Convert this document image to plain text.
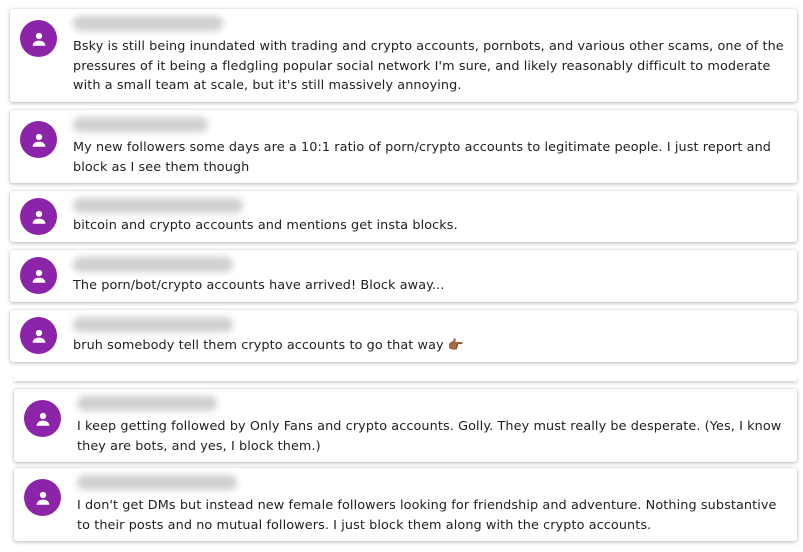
Bsky is still being inundated with trading and crypto accounts, pornbots, and various other scams, one of the pressures of it being a fledgling popular social network I'm sure, and likely reasonably difficult to moderate with a small team at scale, but it's still massively annoying.
My new followers some days are a 10:1 ratio of porn/crypto accounts to legitimate people. I just report and block as I see them though
bitcoin and crypto accounts and mentions get insta blocks.
The porn/bot/crypto accounts have arrived! Block away...
bruh somebody tell them crypto accounts to go that way 👉🏾
I keep getting followed by Only Fans and crypto accounts. Golly. They must really be desperate. (Yes, I know they are bots, and yes, I block them.)
I don't get DMs but instead new female followers looking for friendship and adventure. Nothing substantive to their posts and no mutual followers. I just block them along with the crypto accounts.
